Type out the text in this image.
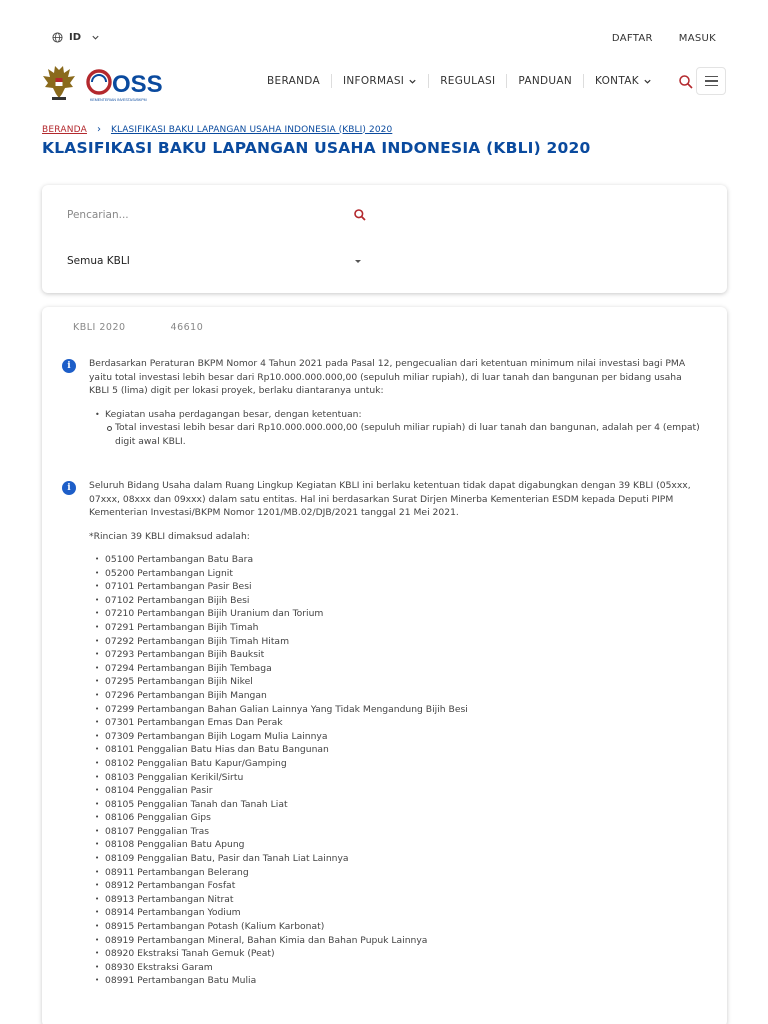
ID	DAFTAR	MASUK
OSS
KEMENTERIAN INVESTASI/BKPM
BERANDA INFORMASI	REGULASI PANDUAN KONTAK
BERANDA › KLASIFIKASI BAKU LAPANGAN USAHA INDONESIA (KBLI) 2020
KLASIFIKASI BAKU LAPANGAN USAHA INDONESIA (KBLI) 2020
Pencarian...
Semua KBLI
KBLI 2020	46610
i	Berdasarkan Peraturan BKPM Nomor 4 Tahun 2021 pada Pasal 12, pengecualian dari ketentuan minimum nilai investasi bagi PMA yaitu total investasi lebih besar dari Rp10.000.000.000,00 (sepuluh miliar rupiah), di luar tanah dan bangunan per bidang usaha KBLI 5 (lima) digit per lokasi proyek, berlaku diantaranya untuk:

• Kegiatan usaha perdagangan besar, dengan ketentuan:
Total investasi lebih besar dari Rp10.000.000.000,00 (sepuluh miliar rupiah) di luar tanah dan bangunan, adalah per 4 (empat) digit awal KBLI.
i	Seluruh Bidang Usaha dalam Ruang Lingkup Kegiatan KBLI ini berlaku ketentuan tidak dapat digabungkan dengan 39 KBLI (05xxx, 07xxx, 08xxx dan 09xxx) dalam satu entitas. Hal ini berdasarkan Surat Dirjen Minerba Kementerian ESDM kepada Deputi PIPM Kementerian Investasi/BKPM Nomor 1201/MB.02/DJB/2021 tanggal 21 Mei 2021.

*Rincian 39 KBLI dimaksud adalah:

• 05100 Pertambangan Batu Bara
• 05200 Pertambangan Lignit
• 07101 Pertambangan Pasir Besi
• 07102 Pertambangan Bijih Besi
• 07210 Pertambangan Bijih Uranium dan Torium
• 07291 Pertambangan Bijih Timah
• 07292 Pertambangan Bijih Timah Hitam
• 07293 Pertambangan Bijih Bauksit
• 07294 Pertambangan Bijih Tembaga
• 07295 Pertambangan Bijih Nikel
• 07296 Pertambangan Bijih Mangan
• 07299 Pertambangan Bahan Galian Lainnya Yang Tidak Mengandung Bijih Besi
• 07301 Pertambangan Emas Dan Perak
• 07309 Pertambangan Bijih Logam Mulia Lainnya
• 08101 Penggalian Batu Hias dan Batu Bangunan
• 08102 Penggalian Batu Kapur/Gamping
• 08103 Penggalian Kerikil/Sirtu
• 08104 Penggalian Pasir
• 08105 Penggalian Tanah dan Tanah Liat
• 08106 Penggalian Gips
• 08107 Penggalian Tras
• 08108 Penggalian Batu Apung
• 08109 Penggalian Batu, Pasir dan Tanah Liat Lainnya
• 08911 Pertambangan Belerang
• 08912 Pertambangan Fosfat
• 08913 Pertambangan Nitrat
• 08914 Pertambangan Yodium
• 08915 Pertambangan Potash (Kalium Karbonat)
• 08919 Pertambangan Mineral, Bahan Kimia dan Bahan Pupuk Lainnya
• 08920 Ekstraksi Tanah Gemuk (Peat)
• 08930 Ekstraksi Garam
• 08991 Pertambangan Batu Mulia
